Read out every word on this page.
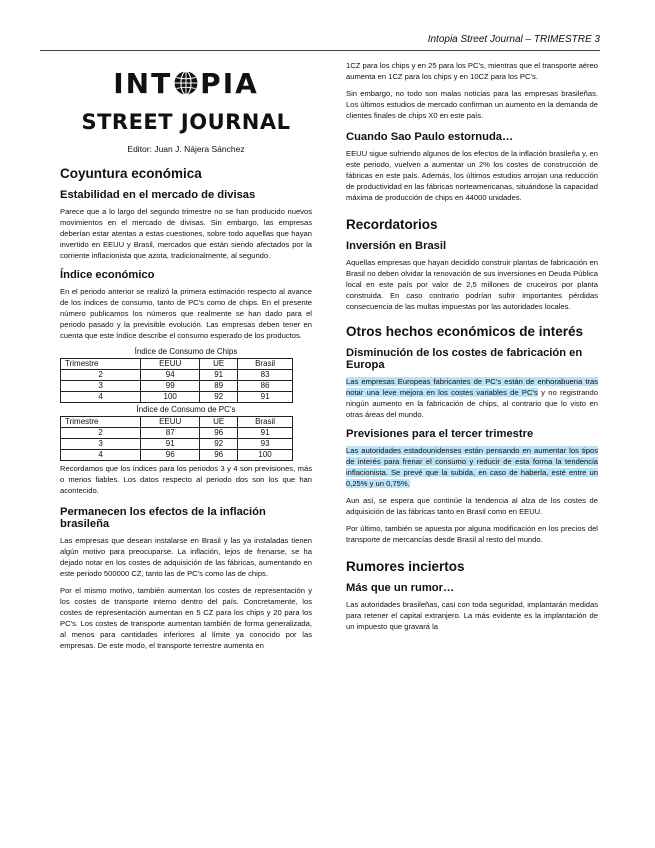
Intopia Street Journal – TRIMESTRE 3
INT PIA
STREET JOURNAL
Editor: Juan J. Nájera Sánchez
Coyuntura económica
Estabilidad en el mercado de divisas

Parece que a lo largo del segundo trimestre no se han producido nuevos movimientos en el mercado de divisas. Sin embargo, las empresas deberían estar atentas a estas cuestiones, sobre todo aquellas que hayan invertido en EEUU y Brasil, mercados que están siendo afectados por la corriente inflacionista que azota, tradicionalmente, al segundo.

Índice económico

En el periodo anterior se realizó la primera estimación respecto al avance de los índices de consumo, tanto de PC’s como de chips. En el presente número publicamos los números que realmente se han dado para el periodo pasado y la previsible evolución. Las empresas deben tener en cuenta que este índice describe el consumo esperado de los productos.

Índice de Consumo de Chips
Trimestre	EEUU	UE	Brasil
2	94	91	83
3	99	89	86
4	100	92	91
Índice de Consumo de PC’s
Trimestre	EEUU	UE	Brasil
2	87	96	91
3	91	92	93
4	96	96	100

Recordamos que los índices para los periodos 3 y 4 son previsiones, más o menos fiables. Los datos respecto al periodo dos son los que han acontecido.

Permanecen los efectos de la inflación brasileña

Las empresas que desean instalarse en Brasil y las ya instaladas tienen algún motivo para preocuparse. La inflación, lejos de frenarse, se ha dejado notar en los costes de adquisición de las fábricas, aumentando en este periodo 500000 CZ, tanto las de PC’s como las de chips.

Por el mismo motivo, también aumentan los costes de representación y los costes de transporte interno dentro del país. Concretamente, los costes de representación aumentan en 5 CZ para los chips y 20 para los PC’s. Los costes de transporte aumentan también de forma generalizada, al menos para cantidades inferiores al límite ya conocido por las empresas. De este modo, el transporte terrestre aumenta en

1CZ para los chips y en 25 para los PC’s, mientras que el transporte aéreo aumenta en 1CZ para los chips y en 10CZ para los PC’s.

Sin embargo, no todo son malas noticias para las empresas brasileñas. Los últimos estudios de mercado confirman un aumento en la demanda de clientes finales de chips X0 en este país.

Cuando Sao Paulo estornuda…

EEUU sigue sufriendo algunos de los efectos de la inflación brasileña y, en este periodo, vuelven a aumentar un 2% los costes de construcción de fábricas en este país. Además, los últimos estudios arrojan una reducción de productividad en las fábricas norteamericanas, situándose la capacidad máxima de producción de chips en 44000 unidades.

Recordatorios
Inversión en Brasil

Aquellas empresas que hayan decidido construir plantas de fabricación en Brasil no deben olvidar la renovación de sus inversiones en Deuda Pública local en este país por valor de 2,5 millones de cruceiros por planta construida. En caso contrario podrían sufrir importantes pérdidas consecuencia de las multas impuestas por las autoridades locales.

Otros hechos económicos de interés
Disminución de los costes de fabricación en Europa

Las empresas Europeas fabricantes de PC’s están de enhorabuena tras notar una leve mejora en los costes variables de PC’s y no registrando ningún aumento en la fabricación de chips, al contrario que lo visto en otras áreas del mundo.

Previsiones para el tercer trimestre

Las autoridades estadounidenses están pensando en aumentar los tipos de interés para frenar el consumo y reducir de esta forma la tendencia inflacionista. Se prevé que la subida, en caso de haberla, esté entre un 0,25% y un 0,75%.

Aun así, se espera que continúe la tendencia al alza de los costes de adquisición de las fábricas tanto en Brasil como en EEUU.

Por último, también se apuesta por alguna modificación en los precios del transporte de mercancías desde Brasil al resto del mundo.

Rumores inciertos
Más que un rumor…

Las autoridades brasileñas, casi con toda seguridad, implantarán medidas para retener el capital extranjero. La más evidente es la implantación de un impuesto que gravará la
